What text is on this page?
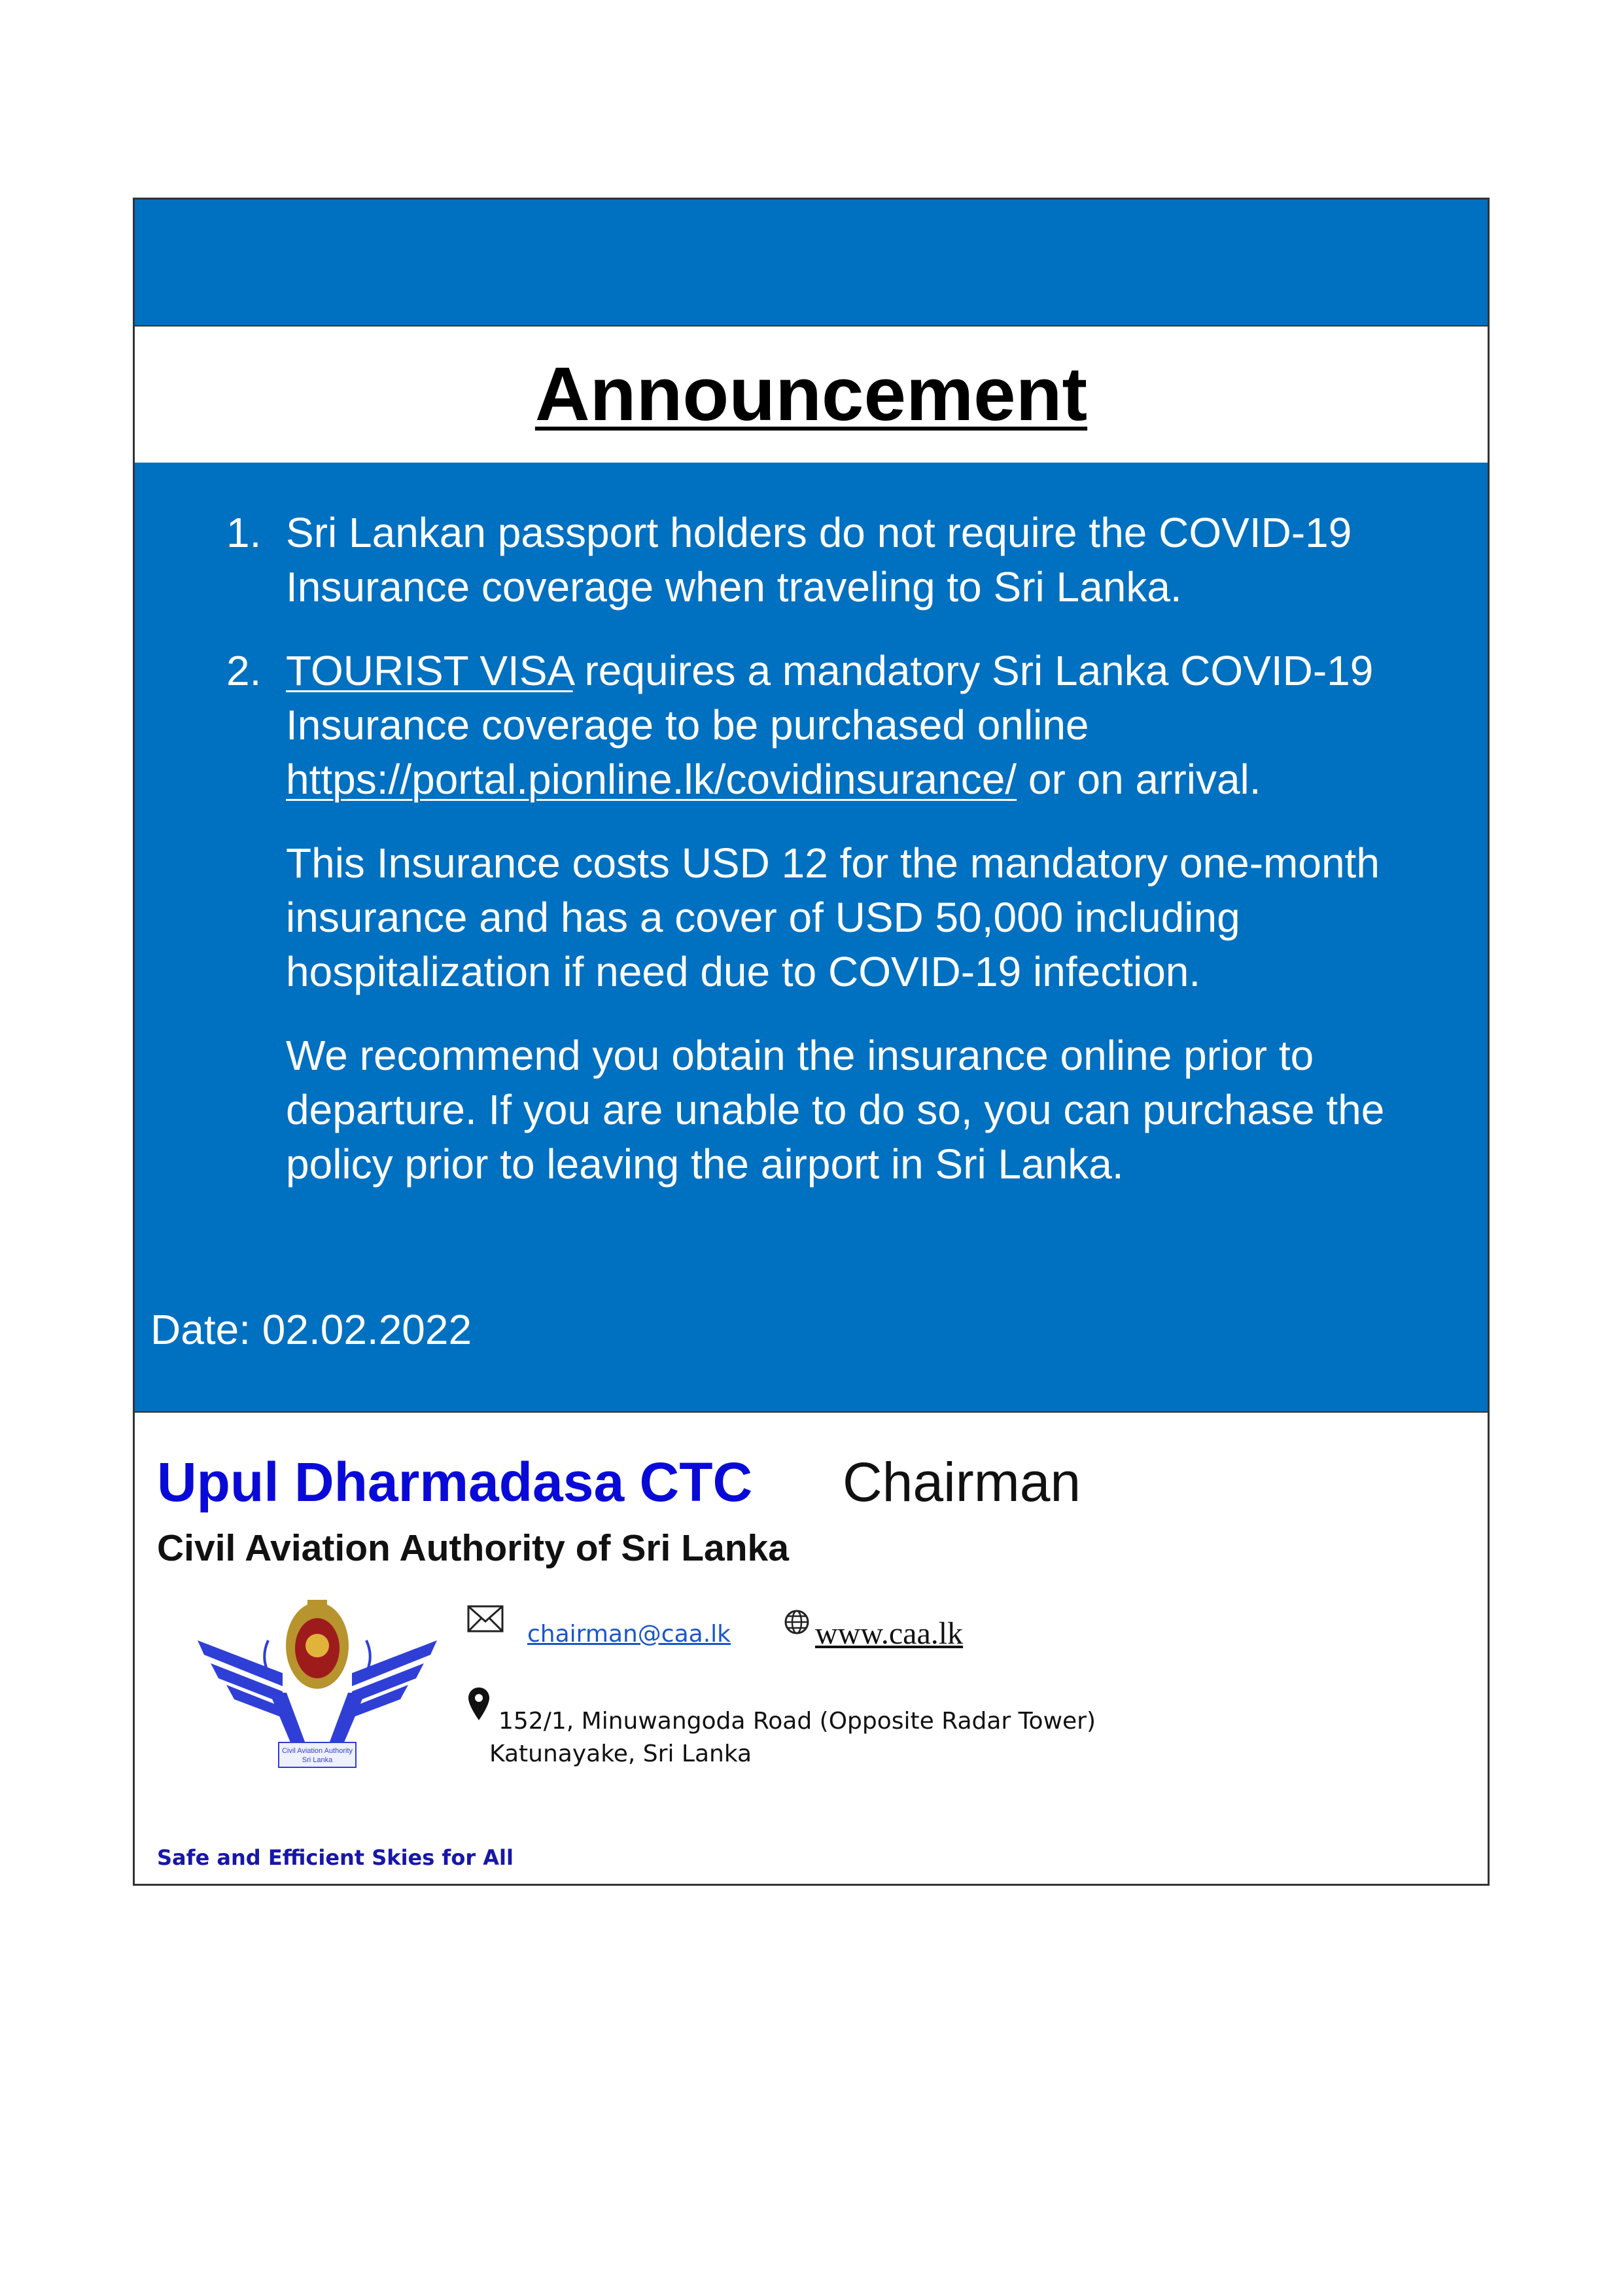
Announcement
1. Sri Lankan passport holders do not require the COVID-19 Insurance coverage when traveling to Sri Lanka.
2. TOURIST VISA requires a mandatory Sri Lanka COVID-19 Insurance coverage to be purchased online https://portal.pionline.lk/covidinsurance/ or on arrival.
This Insurance costs USD 12 for the mandatory one-month insurance and has a cover of USD 50,000 including hospitalization if need due to COVID-19 infection.
We recommend you obtain the insurance online prior to departure. If you are unable to do so, you can purchase the policy prior to leaving the airport in Sri Lanka.
Date: 02.02.2022
Upul Dharmadasa CTC Chairman
Civil Aviation Authority of Sri Lanka
Civil Aviation Authority
Sri Lanka
chairman@caa.lk	www.caa.lk
152/1, Minuwangoda Road (Opposite Radar Tower)
Katunayake, Sri Lanka
Safe and Efficient Skies for All
